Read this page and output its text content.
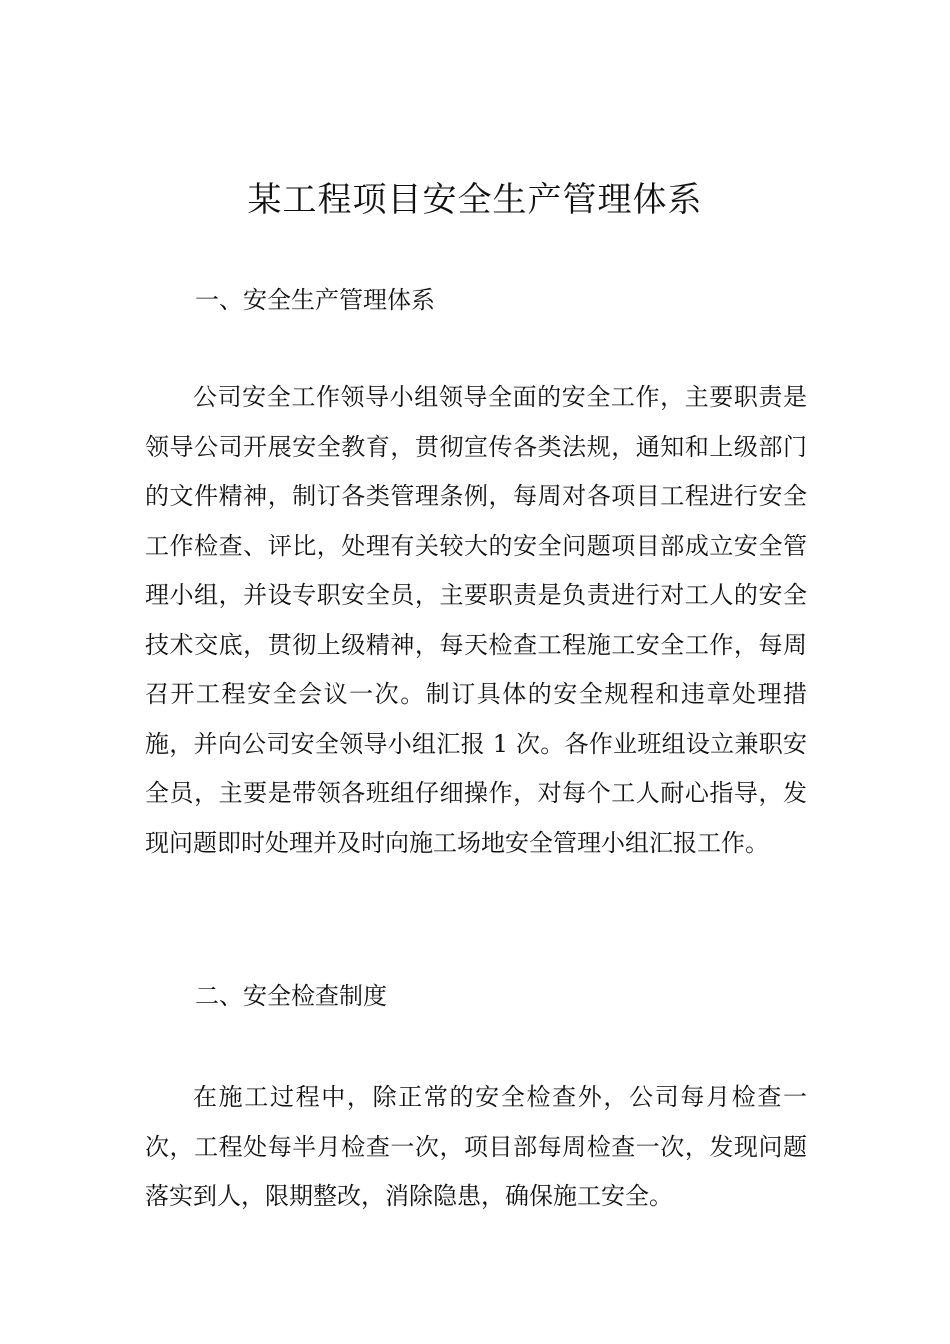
某工程项目安全生产管理体系
一、安全生产管理体系

公司安全工作领导小组领导全面的安全工作，主要职责是领导公司开展安全教育，贯彻宣传各类法规，通知和上级部门的文件精神，制订各类管理条例，每周对各项目工程进行安全工作检查、评比，处理有关较大的安全问题项目部成立安全管理小组，并设专职安全员，主要职责是负责进行对工人的安全技术交底，贯彻上级精神，每天检查工程施工安全工作，每周召开工程安全会议一次。制订具体的安全规程和违章处理措施，并向公司安全领导小组汇报 1 次。各作业班组设立兼职安全员，主要是带领各班组仔细操作，对每个工人耐心指导，发现问题即时处理并及时向施工场地安全管理小组汇报工作。

二、安全检查制度

在施工过程中，除正常的安全检查外，公司每月检查一次，工程处每半月检查一次，项目部每周检查一次，发现问题落实到人，限期整改，消除隐患，确保施工安全。
